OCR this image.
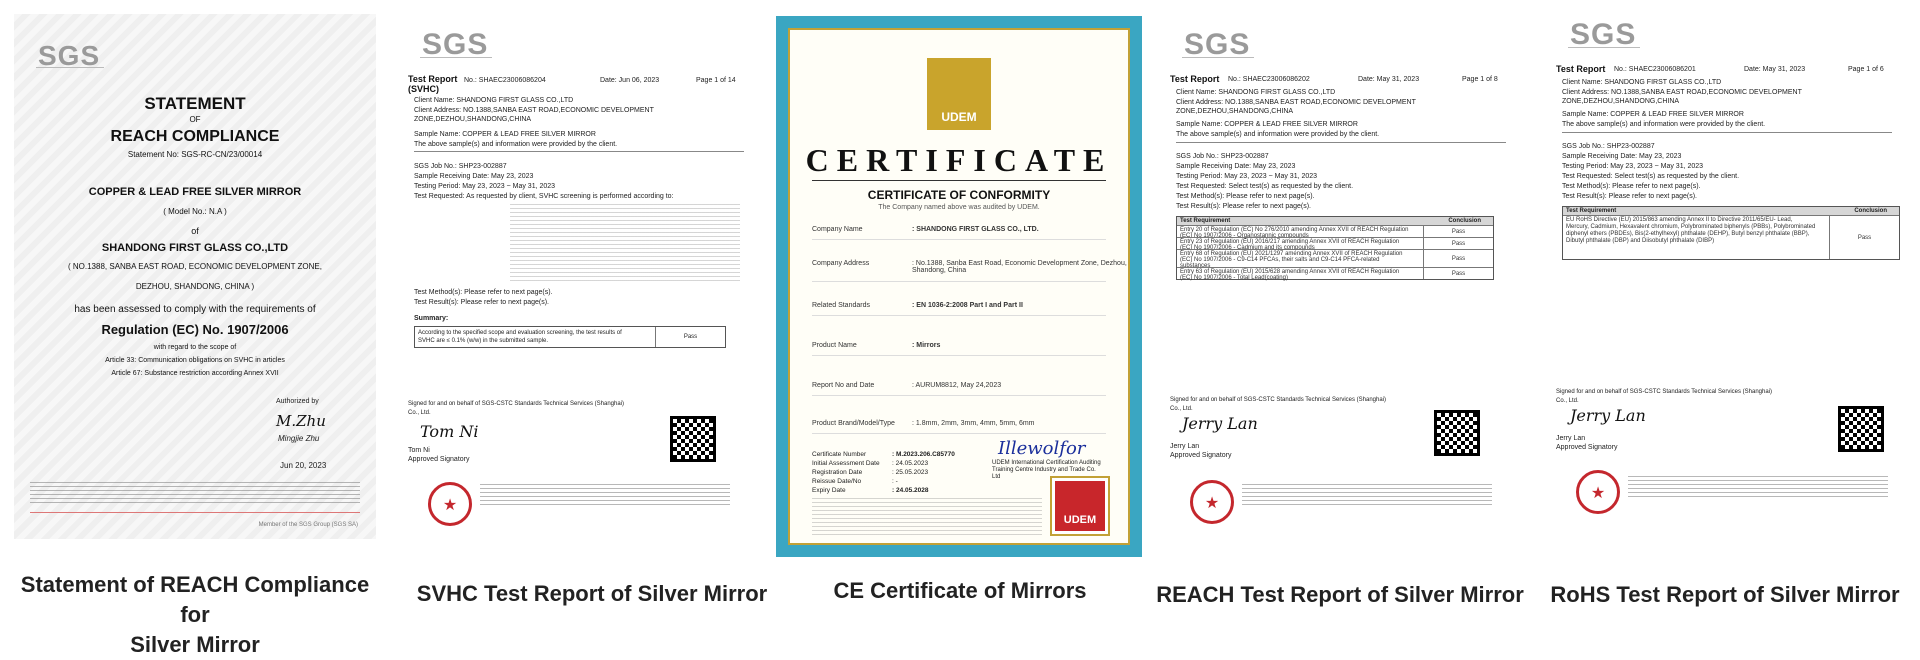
SGS
STATEMENT
OF
REACH COMPLIANCE
Statement No: SGS-RC-CN/23/00014
COPPER & LEAD FREE SILVER MIRROR
( Model No.: N.A )
of
SHANDONG FIRST GLASS CO.,LTD
( NO.1388, SANBA EAST ROAD, ECONOMIC DEVELOPMENT ZONE,
DEZHOU, SHANDONG, CHINA )
has been assessed to comply with the requirements of
Regulation (EC) No. 1907/2006
with regard to the scope of
Article 33: Communication obligations on SVHC in articles
Article 67: Substance restriction according Annex XVII
Authorized by
M.Zhu
Mingjie Zhu
Jun 20, 2023
Member of the SGS Group (SGS SA)
Statement of REACH Compliance for
Silver Mirror
SGS
Test Report (SVHC)
No.: SHAEC23006086204	Date: Jun 06, 2023	Page 1 of 14
Client Name: SHANDONG FIRST GLASS CO.,LTD
Client Address: NO.1388,SANBA EAST ROAD,ECONOMIC DEVELOPMENT ZONE,DEZHOU,SHANDONG,CHINA
Sample Name: COPPER & LEAD FREE SILVER MIRROR
The above sample(s) and information were provided by the client.
SGS Job No.: SHP23-002887
Sample Receiving Date: May 23, 2023
Testing Period: May 23, 2023 ~ May 31, 2023
Test Requested: As requested by client, SVHC screening is performed according to:
Test Method(s): Please refer to next page(s).
Test Result(s): Please refer to next page(s).
Summary:
According to the specified scope and evaluation screening, the test results of SVHC are ≤ 0.1% (w/w) in the submitted sample.
Pass
Signed for and on behalf of SGS-CSTC Standards Technical Services (Shanghai) Co., Ltd.
Tom Ni
Tom Ni
Approved Signatory
★
SVHC Test Report of Silver Mirror
UDEM
CERTIFICATE
CERTIFICATE OF CONFORMITY
The Company named above was audited by UDEM.
Company Name	: SHANDONG FIRST GLASS CO., LTD.
Company Address	: No.1388, Sanba East Road, Economic Development Zone, Dezhou, Shandong, China
Related Standards	: EN 1036-2:2008 Part I and Part II
Product Name	: Mirrors
Report No and Date	: AURUM8812, May 24,2023
Product Brand/Model/Type : 1.8mm, 2mm, 3mm, 4mm, 5mm, 6mm
Certificate Number	: M.2023.206.C85770
Initial Assessment Date : 24.05.2023
Registration Date	: 25.05.2023
Reissue Date/No	: -
Expiry Date	: 24.05.2028
Illewolfor
UDEM International Certification Auditing Training Centre Industry and Trade Co. Ltd
UDEM
CE Certificate of Mirrors
SGS
Test Report No.: SHAEC23006086202	Date: May 31, 2023	Page 1 of 8
Client Name: SHANDONG FIRST GLASS CO.,LTD
Client Address: NO.1388,SANBA EAST ROAD,ECONOMIC DEVELOPMENT ZONE,DEZHOU,SHANDONG,CHINA
Sample Name: COPPER & LEAD FREE SILVER MIRROR
The above sample(s) and information were provided by the client.
SGS Job No.: SHP23-002887
Sample Receiving Date: May 23, 2023
Testing Period: May 23, 2023 ~ May 31, 2023
Test Requested: Select test(s) as requested by the client.
Test Method(s): Please refer to next page(s).
Test Result(s): Please refer to next page(s).
Test Requirement	Conclusion
Entry 20 of Regulation (EC) No 276/2010 amending Annex XVII of REACH Regulation (EC) No 1907/2006 - Organostannic compounds
Pass
Entry 23 of Regulation (EU) 2016/217 amending Annex XVII of REACH Regulation (EC) No 1907/2006 - Cadmium and its compounds
Pass
Entry 68 of Regulation (EU) 2021/1297 amending Annex XVII of REACH Regulation (EC) No 1907/2006 - C9-C14 PFCAs, their salts and C9-C14 PFCA-related substances
Pass
Entry 63 of Regulation (EU) 2015/628 amending Annex XVII of REACH Regulation (EC) No 1907/2006 - Total Lead(coating)
Pass
Signed for and on behalf of SGS-CSTC Standards Technical Services (Shanghai) Co., Ltd.
Jerry Lan
Jerry Lan
Approved Signatory
★
REACH Test Report of Silver Mirror
SGS
Test Report No.: SHAEC23006086201	Date: May 31, 2023	Page 1 of 6
Client Name: SHANDONG FIRST GLASS CO.,LTD
Client Address: NO.1388,SANBA EAST ROAD,ECONOMIC DEVELOPMENT ZONE,DEZHOU,SHANDONG,CHINA
Sample Name: COPPER & LEAD FREE SILVER MIRROR
The above sample(s) and information were provided by the client.
SGS Job No.: SHP23-002887
Sample Receiving Date: May 23, 2023
Testing Period: May 23, 2023 ~ May 31, 2023
Test Requested: Select test(s) as requested by the client.
Test Method(s): Please refer to next page(s).
Test Result(s): Please refer to next page(s).
Test Requirement	Conclusion
EU RoHS Directive (EU) 2015/863 amending Annex II to Directive 2011/65/EU- Lead, Mercury, Cadmium, Hexavalent chromium, Polybrominated biphenyls (PBBs), Polybrominated diphenyl ethers (PBDEs), Bis(2-ethylhexyl) phthalate (DEHP), Butyl benzyl phthalate (BBP), Dibutyl phthalate (DBP) and Diisobutyl phthalate (DIBP)	Pass
Signed for and on behalf of SGS-CSTC Standards Technical Services (Shanghai) Co., Ltd.
Jerry Lan
Jerry Lan
Approved Signatory
★
RoHS Test Report of Silver Mirror
